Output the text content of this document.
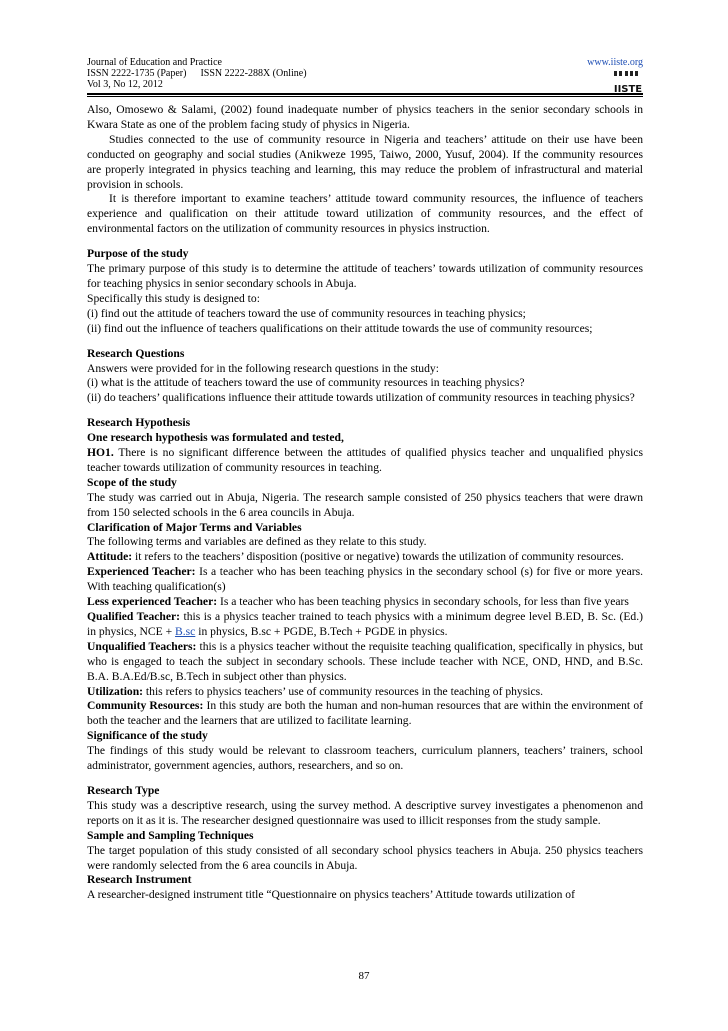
Journal of Education and Practice	www.iiste.org
ISSN 2222-1735 (Paper) ISSN 2222-288X (Online)
Vol 3, No 12, 2012	IISTE

Also, Omosewo & Salami, (2002) found inadequate number of physics teachers in the senior secondary schools in Kwara State as one of the problem facing study of physics in Nigeria.

Studies connected to the use of community resource in Nigeria and teachers’ attitude on their use have been conducted on geography and social studies (Anikweze 1995, Taiwo, 2000, Yusuf, 2004). If the community resources are properly integrated in physics teaching and learning, this may reduce the problem of infrastructural and material provision in schools.

It is therefore important to examine teachers’ attitude toward community resources, the influence of teachers experience and qualification on their attitude toward utilization of community resources, and the effect of environmental factors on the utilization of community resources in physics instruction.

Purpose of the study

The primary purpose of this study is to determine the attitude of teachers’ towards utilization of community resources for teaching physics in senior secondary schools in Abuja.

Specifically this study is designed to:

(i) find out the attitude of teachers toward the use of community resources in teaching physics;

(ii) find out the influence of teachers qualifications on their attitude towards the use of community resources;

Research Questions

Answers were provided for in the following research questions in the study:

(i) what is the attitude of teachers toward the use of community resources in teaching physics?

(ii) do teachers’ qualifications influence their attitude towards utilization of community resources in teaching physics?

Research Hypothesis

One research hypothesis was formulated and tested,

HO1. There is no significant difference between the attitudes of qualified physics teacher and unqualified physics teacher towards utilization of community resources in teaching.

Scope of the study

The study was carried out in Abuja, Nigeria. The research sample consisted of 250 physics teachers that were drawn from 150 selected schools in the 6 area councils in Abuja.

Clarification of Major Terms and Variables

The following terms and variables are defined as they relate to this study.

Attitude: it refers to the teachers’ disposition (positive or negative) towards the utilization of community resources.

Experienced Teacher: Is a teacher who has been teaching physics in the secondary school (s) for five or more years. With teaching qualification(s)

Less experienced Teacher: Is a teacher who has been teaching physics in secondary schools, for less than five years

Qualified Teacher: this is a physics teacher trained to teach physics with a minimum degree level B.ED, B. Sc. (Ed.) in physics, NCE + B.sc in physics, B.sc + PGDE, B.Tech + PGDE in physics.

Unqualified Teachers: this is a physics teacher without the requisite teaching qualification, specifically in physics, but who is engaged to teach the subject in secondary schools. These include teacher with NCE, OND, HND, and B.Sc. B.A. B.A.Ed/B.sc, B.Tech in subject other than physics.

Utilization: this refers to physics teachers’ use of community resources in the teaching of physics.

Community Resources: In this study are both the human and non-human resources that are within the environment of both the teacher and the learners that are utilized to facilitate learning.

Significance of the study

The findings of this study would be relevant to classroom teachers, curriculum planners, teachers’ trainers, school administrator, government agencies, authors, researchers, and so on.

Research Type

This study was a descriptive research, using the survey method. A descriptive survey investigates a phenomenon and reports on it as it is. The researcher designed questionnaire was used to illicit responses from the study sample.

Sample and Sampling Techniques

The target population of this study consisted of all secondary school physics teachers in Abuja. 250 physics teachers were randomly selected from the 6 area councils in Abuja.

Research Instrument

A researcher-designed instrument title “Questionnaire on physics teachers’ Attitude towards utilization of

87
